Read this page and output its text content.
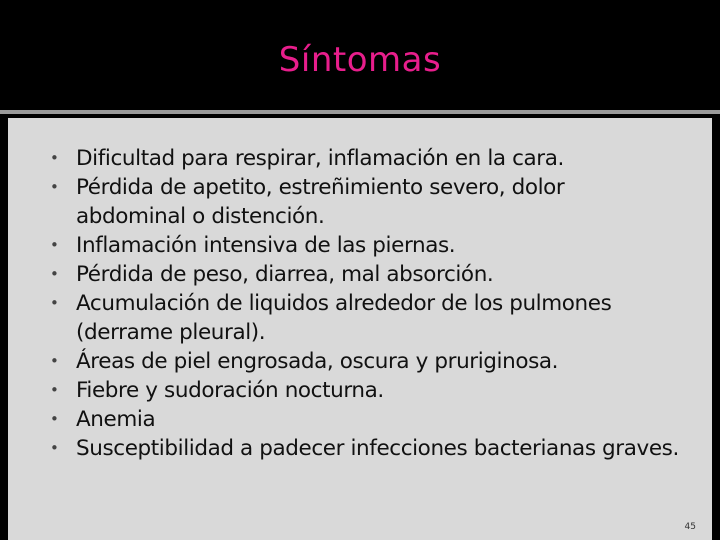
Síntomas
• Dificultad para respirar, inflamación en la cara.
• Pérdida de apetito, estreñimiento severo, dolor abdominal o distención.
• Inflamación intensiva de las piernas.
• Pérdida de peso, diarrea, mal absorción.
• Acumulación de liquidos alrededor de los pulmones (derrame pleural).
• Áreas de piel engrosada, oscura y pruriginosa.
• Fiebre y sudoración nocturna.
• Anemia
• Susceptibilidad a padecer infecciones bacterianas graves.
45
